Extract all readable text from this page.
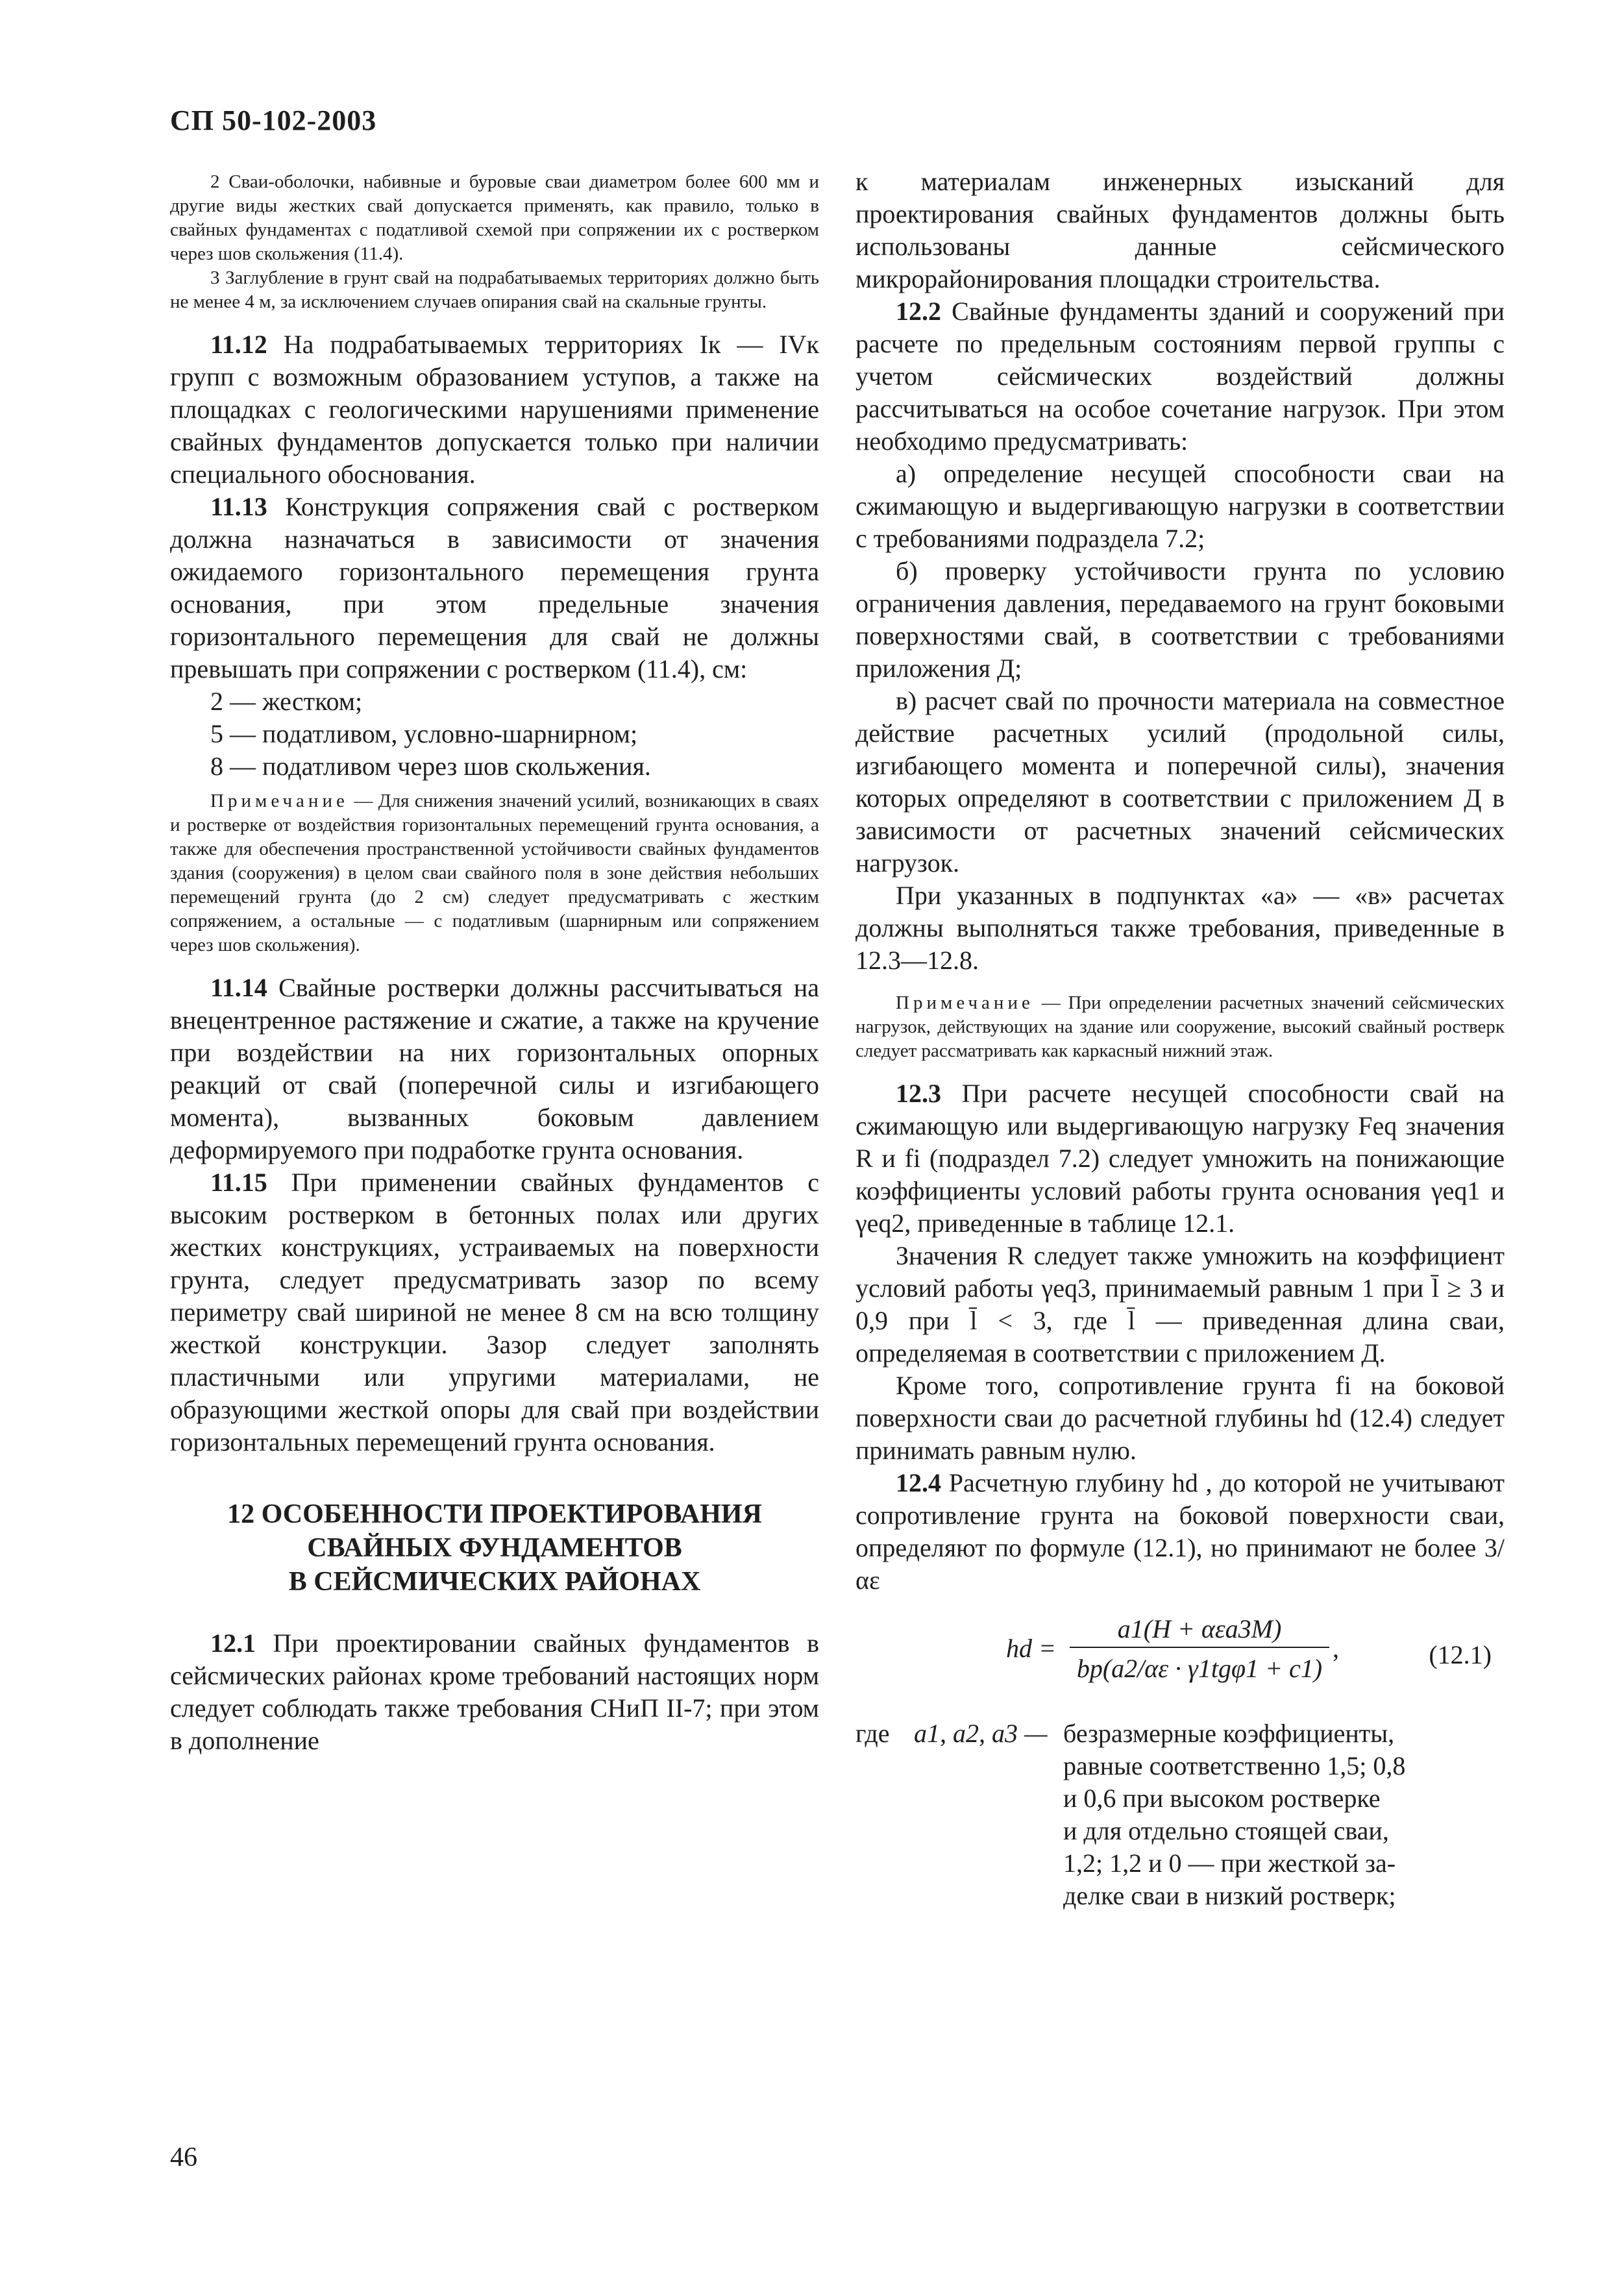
СП 50-102-2003

2 Сваи-оболочки, набивные и буровые сваи диаметром более 600 мм и другие виды жестких свай допускается применять, как правило, только в свайных фундаментах с податливой схемой при сопряжении их с ростверком через шов скольжения (11.4).

3 Заглубление в грунт свай на подрабатываемых территориях должно быть не менее 4 м, за исключением случаев опирания свай на скальные грунты.

11.12 На подрабатываемых территориях Iк — IVк групп с возможным образованием уступов, а также на площадках с геологическими нарушениями применение свайных фундаментов допускается только при наличии специального обоснования.

11.13 Конструкция сопряжения свай с ростверком должна назначаться в зависимости от значения ожидаемого горизонтального перемещения грунта основания, при этом предельные значения горизонтального перемещения для свай не должны превышать при сопряжении с ростверком (11.4), см:

2 — жестком;

5 — податливом, условно-шарнирном;

8 — податливом через шов скольжения.

Примечание — Для снижения значений усилий, возникающих в сваях и ростверке от воздействия горизонтальных перемещений грунта основания, а также для обеспечения пространственной устойчивости свайных фундаментов здания (сооружения) в целом сваи свайного поля в зоне действия небольших перемещений грунта (до 2 см) следует предусматривать с жестким сопряжением, а остальные — с податливым (шарнирным или сопряжением через шов скольжения).

11.14 Свайные ростверки должны рассчитываться на внецентренное растяжение и сжатие, а также на кручение при воздействии на них горизонтальных опорных реакций от свай (поперечной силы и изгибающего момента), вызванных боковым давлением деформируемого при подработке грунта основания.

11.15 При применении свайных фундаментов с высоким ростверком в бетонных полах или других жестких конструкциях, устраиваемых на поверхности грунта, следует предусматривать зазор по всему периметру свай шириной не менее 8 см на всю толщину жесткой конструкции. Зазор следует заполнять пластичными или упругими материалами, не образующими жесткой опоры для свай при воздействии горизонтальных перемещений грунта основания.

12 ОСОБЕННОСТИ ПРОЕКТИРОВАНИЯ
СВАЙНЫХ ФУНДАМЕНТОВ
В СЕЙСМИЧЕСКИХ РАЙОНАХ

12.1 При проектировании свайных фундаментов в сейсмических районах кроме требований настоящих норм следует соблюдать также требования СНиП II-7; при этом в дополнение

к материалам инженерных изысканий для проектирования свайных фундаментов должны быть использованы данные сейсмического микрорайонирования площадки строительства.

12.2 Свайные фундаменты зданий и сооружений при расчете по предельным состояниям первой группы с учетом сейсмических воздействий должны рассчитываться на особое сочетание нагрузок. При этом необходимо предусматривать:

а) определение несущей способности сваи на сжимающую и выдергивающую нагрузки в соответствии с требованиями подраздела 7.2;

б) проверку устойчивости грунта по условию ограничения давления, передаваемого на грунт боковыми поверхностями свай, в соответствии с требованиями приложения Д;

в) расчет свай по прочности материала на совместное действие расчетных усилий (продольной силы, изгибающего момента и поперечной силы), значения которых определяют в соответствии с приложением Д в зависимости от расчетных значений сейсмических нагрузок.

При указанных в подпунктах «а» — «в» расчетах должны выполняться также требования, приведенные в 12.3—12.8.

Примечание — При определении расчетных значений сейсмических нагрузок, действующих на здание или сооружение, высокий свайный ростверк следует рассматривать как каркасный нижний этаж.

12.3 При расчете несущей способности свай на сжимающую или выдергивающую нагрузку Feq значения R и fi (подраздел 7.2) следует умножить на понижающие коэффициенты условий работы грунта основания γeq1 и γeq2, приведенные в таблице 12.1.

Значения R следует также умножить на коэффициент условий работы γeq3, принимаемый равным 1 при l̄ ≥ 3 и 0,9 при l̄ < 3, где l̄ — приведенная длина сваи, определяемая в соответствии с приложением Д.

Кроме того, сопротивление грунта fi на боковой поверхности сваи до расчетной глубины hd (12.4) следует принимать равным нулю.

12.4 Расчетную глубину hd , до которой не учитывают сопротивление грунта на боковой поверхности сваи, определяют по формуле (12.1), но принимают не более 3/αε

hd =
a1(H + αεa3M)
bp(a2/αε · γ1tgφ1 + c1)
,	(12.1)
где a1, a2, a3 — безразмерные коэффициенты,
равные соответственно 1,5; 0,8
и 0,6 при высоком ростверке
и для отдельно стоящей сваи,
1,2; 1,2 и 0 — при жесткой за-
делке сваи в низкий ростверк;
46
